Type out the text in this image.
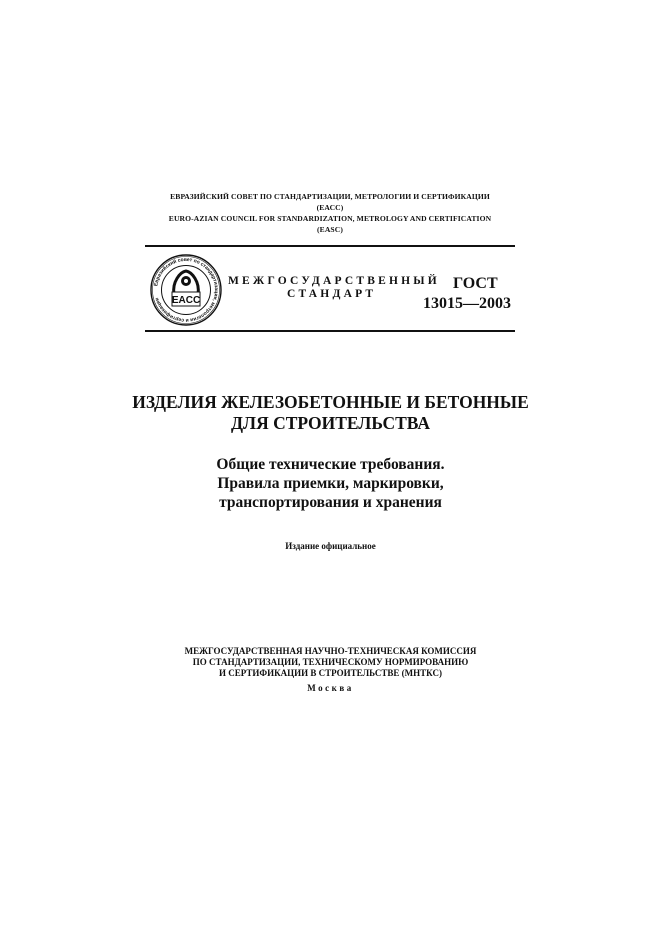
ЕВРАЗИЙСКИЙ СОВЕТ ПО СТАНДАРТИЗАЦИИ, МЕТРОЛОГИИ И СЕРТИФИКАЦИИ
(ЕАСС)
EURO-AZIAN COUNCIL FOR STANDARDIZATION, METROLOGY AND CERTIFICATION
(EASC)
Евразийский совет по стандартизации, метрологии и сертификации	EACC
МЕЖГОСУДАРСТВЕННЫЙ
СТАНДАРТ
ГОСТ
13015—2003
ИЗДЕЛИЯ ЖЕЛЕЗОБЕТОННЫЕ И БЕТОННЫЕ
ДЛЯ СТРОИТЕЛЬСТВА
Общие технические требования.
Правила приемки, маркировки,
транспортирования и хранения
Издание официальное
МЕЖГОСУДАРСТВЕННАЯ НАУЧНО-ТЕХНИЧЕСКАЯ КОМИССИЯ
ПО СТАНДАРТИЗАЦИИ, ТЕХНИЧЕСКОМУ НОРМИРОВАНИЮ
И СЕРТИФИКАЦИИ В СТРОИТЕЛЬСТВЕ (МНТКС)
Москва
